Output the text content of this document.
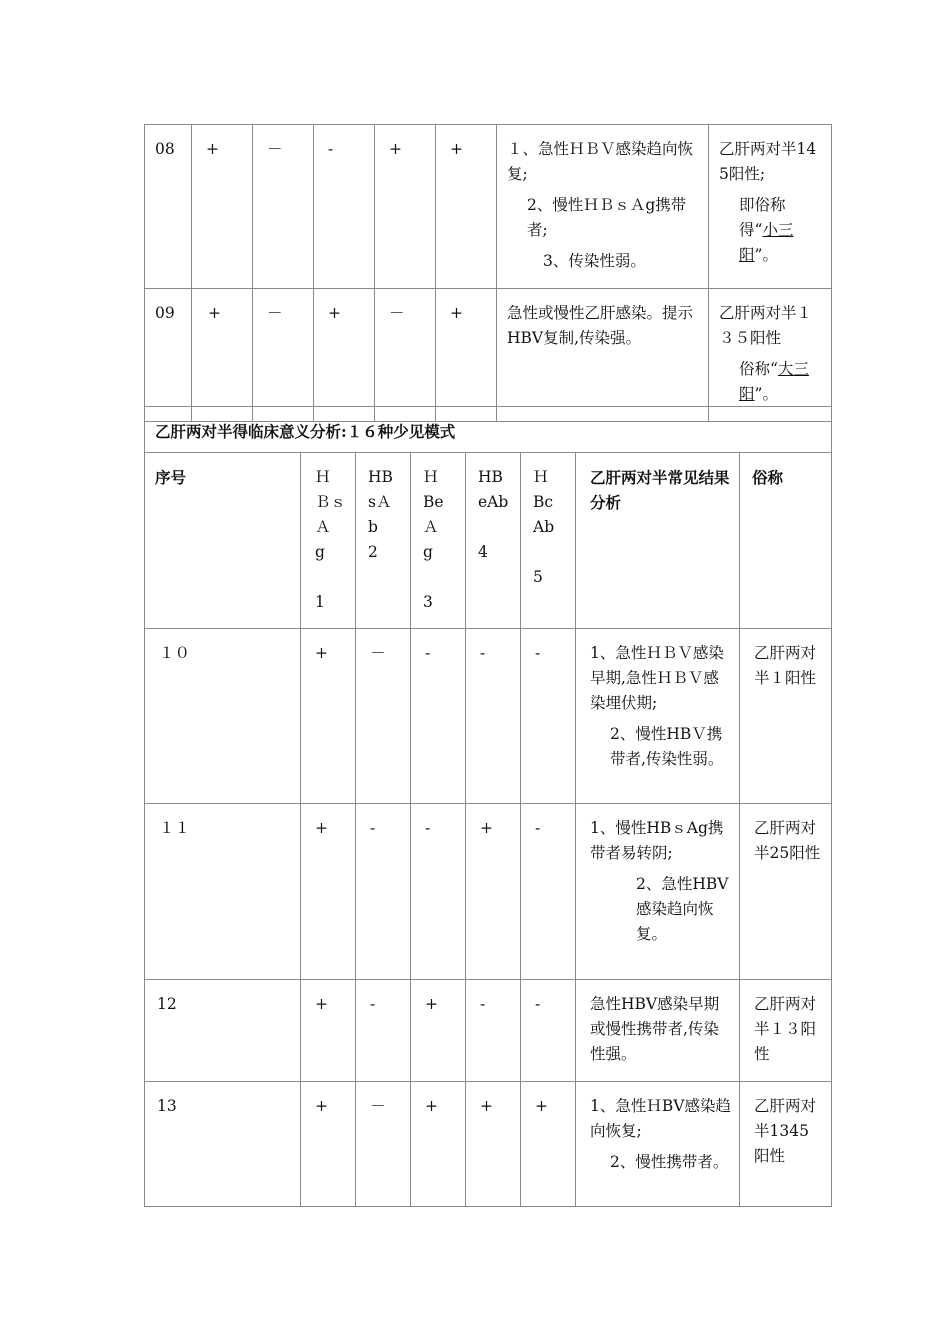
08	+	－	-	+	+	１、急性ＨＢＶ感染趋向恢复;
2、慢性ＨＢｓＡg携带者;
3、传染性弱。	乙肝两对半145阳性;
即俗称得“小三阳”。

09	+	－	+	－	+	急性或慢性乙肝感染。提示HBV复制,传染强。	乙肝两对半１３５阳性
俗称“大三阳”。
乙肝两对半得临床意义分析:１６种少见模式							
序号	Ｈ
Ｂｓ
Ａ
g

1	HB
sＡ
b
2	Ｈ
Be
Ａ
g

3	HB
eAb

4	Ｈ
Bc
Ab

5	乙肝两对半常见结果分析	俗称
１０	+	－	-	-	-	1、急性ＨＢＶ感染早期,急性ＨＢＶ感染埋伏期;
2、慢性HBＶ携带者,传染性弱。	乙肝两对半１阳性
１１	+	-	-	+	-	1、慢性HBｓAg携带者易转阴;
2、急性HBV感染趋向恢复。	乙肝两对半25阳性
12	+	-	+	-	-	急性HBV感染早期或慢性携带者,传染性强。	乙肝两对半１３阳性
13	+	－	+	+	+	1、急性ＨBV感染趋向恢复;
2、慢性携带者。	乙肝两对半1345阳性
